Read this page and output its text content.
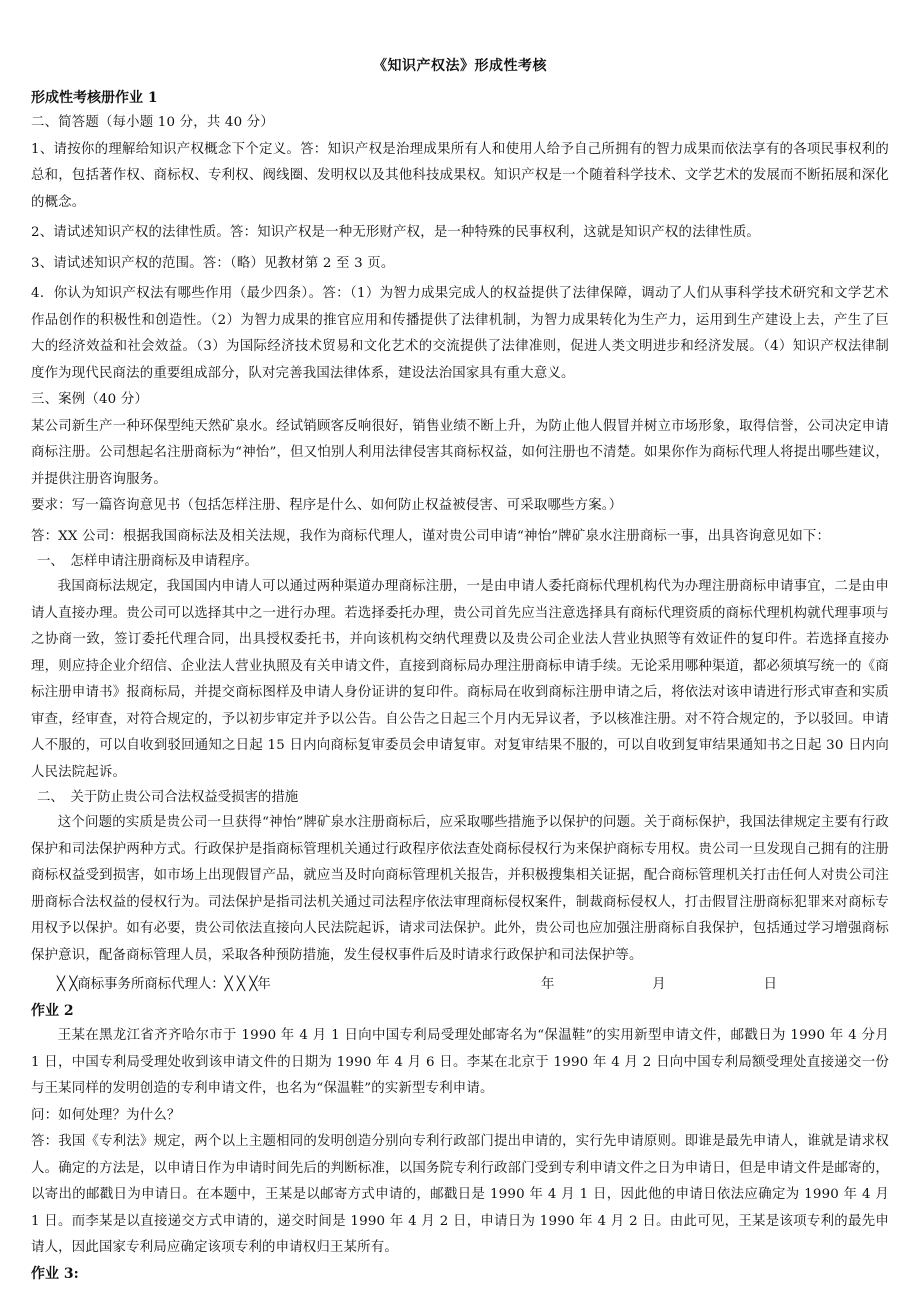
《知识产权法》形成性考核

形成性考核册作业 1

二、简答题（每小题 10 分，共 40 分）

1、请按你的理解给知识产权概念下个定义。答：知识产权是治理成果所有人和使用人给予自己所拥有的智力成果而依法享有的各项民事权利的总和，包括著作权、商标权、专利权、阀线圈、发明权以及其他科技成果权。知识产权是一个随着科学技术、文学艺术的发展而不断拓展和深化的概念。

2、请试述知识产权的法律性质。答：知识产权是一种无形财产权，是一种特殊的民事权利，这就是知识产权的法律性质。

3、请试述知识产权的范围。答：（略）见教材第 2 至 3 页。

4．你认为知识产权法有哪些作用（最少四条）。答：（1）为智力成果完成人的权益提供了法律保障，调动了人们从事科学技术研究和文学艺术作品创作的积极性和创造性。（2）为智力成果的推官应用和传播提供了法律机制，为智力成果转化为生产力，运用到生产建设上去，产生了巨大的经济效益和社会效益。（3）为国际经济技术贸易和文化艺术的交流提供了法律准则，促进人类文明进步和经济发展。（4）知识产权法律制度作为现代民商法的重要组成部分，队对完善我国法律体系，建设法治国家具有重大意义。

三、案例（40 分）

某公司新生产一种环保型纯天然矿泉水。经试销顾客反响很好，销售业绩不断上升，为防止他人假冒并树立市场形象，取得信誉，公司决定申请商标注册。公司想起名注册商标为“神怡”，但又怕别人利用法律侵害其商标权益，如何注册也不清楚。如果你作为商标代理人将提出哪些建议，并提供注册咨询服务。

要求：写一篇咨询意见书（包括怎样注册、程序是什么、如何防止权益被侵害、可采取哪些方案。）

答：XX 公司：根据我国商标法及相关法规，我作为商标代理人，谨对贵公司申请“神怡”牌矿泉水注册商标一事，出具咨询意见如下：

一、　怎样申请注册商标及申请程序。

我国商标法规定，我国国内申请人可以通过两种渠道办理商标注册，一是由申请人委托商标代理机构代为办理注册商标申请事宜，二是由申请人直接办理。贵公司可以选择其中之一进行办理。若选择委托办理，贵公司首先应当注意选择具有商标代理资质的商标代理机构就代理事项与之协商一致，签订委托代理合同，出具授权委托书，并向该机构交纳代理费以及贵公司企业法人营业执照等有效证件的复印件。若选择直接办理，则应持企业介绍信、企业法人营业执照及有关申请文件，直接到商标局办理注册商标申请手续。无论采用哪种渠道，都必须填写统一的《商标注册申请书》报商标局，并提交商标图样及申请人身份证讲的复印件。商标局在收到商标注册申请之后，将依法对该申请进行形式审查和实质审查，经审查，对符合规定的，予以初步审定并予以公告。自公告之日起三个月内无异议者，予以核准注册。对不符合规定的，予以驳回。申请人不服的，可以自收到驳回通知之日起 15 日内向商标复审委员会申请复审。对复审结果不服的，可以自收到复审结果通知书之日起 30 日内向人民法院起诉。

二、　关于防止贵公司合法权益受损害的措施

这个问题的实质是贵公司一旦获得“神怡”牌矿泉水注册商标后，应采取哪些措施予以保护的问题。关于商标保护，我国法律规定主要有行政保护和司法保护两种方式。行政保护是指商标管理机关通过行政程序依法查处商标侵权行为来保护商标专用权。贵公司一旦发现自己拥有的注册商标权益受到损害，如市场上出现假冒产品，就应当及时向商标管理机关报告，并积极搜集相关证据，配合商标管理机关打击任何人对贵公司注册商标合法权益的侵权行为。司法保护是指司法机关通过司法程序依法审理商标侵权案件，制裁商标侵权人，打击假冒注册商标犯罪来对商标专用权予以保护。如有必要，贵公司依法直接向人民法院起诉，请求司法保护。此外，贵公司也应加强注册商标自我保护，包括通过学习增强商标保护意识，配备商标管理人员，采取各种预防措施，发生侵权事件后及时请求行政保护和司法保护等。

╳ ╳商标事务所商标代理人：╳ ╳ ╳年	年	月	日

作业 2

王某在黑龙江省齐齐哈尔市于 1990 年 4 月 1 日向中国专利局受理处邮寄名为“保温鞋”的实用新型申请文件，邮戳日为 1990 年 4 分月 1 日，中国专利局受理处收到该申请文件的日期为 1990 年 4 月 6 日。李某在北京于 1990 年 4 月 2 日向中国专利局额受理处直接递交一份与王某同样的发明创造的专利申请文件，也名为“保温鞋”的实新型专利申请。

问：如何处理？为什么？

答：我国《专利法》规定，两个以上主题相同的发明创造分别向专利行政部门提出申请的，实行先申请原则。即谁是最先申请人，谁就是请求权人。确定的方法是，以申请日作为申请时间先后的判断标准，以国务院专利行政部门受到专利申请文件之日为申请日，但是申请文件是邮寄的，以寄出的邮戳日为申请日。在本题中，王某是以邮寄方式申请的，邮戳日是 1990 年 4 月 1 日，因此他的申请日依法应确定为 1990 年 4 月 1 日。而李某是以直接递交方式申请的，递交时间是 1990 年 4 月 2 日，申请日为 1990 年 4 月 2 日。由此可见，王某是该项专利的最先申请人，因此国家专利局应确定该项专利的申请权归王某所有。

作业 3:
